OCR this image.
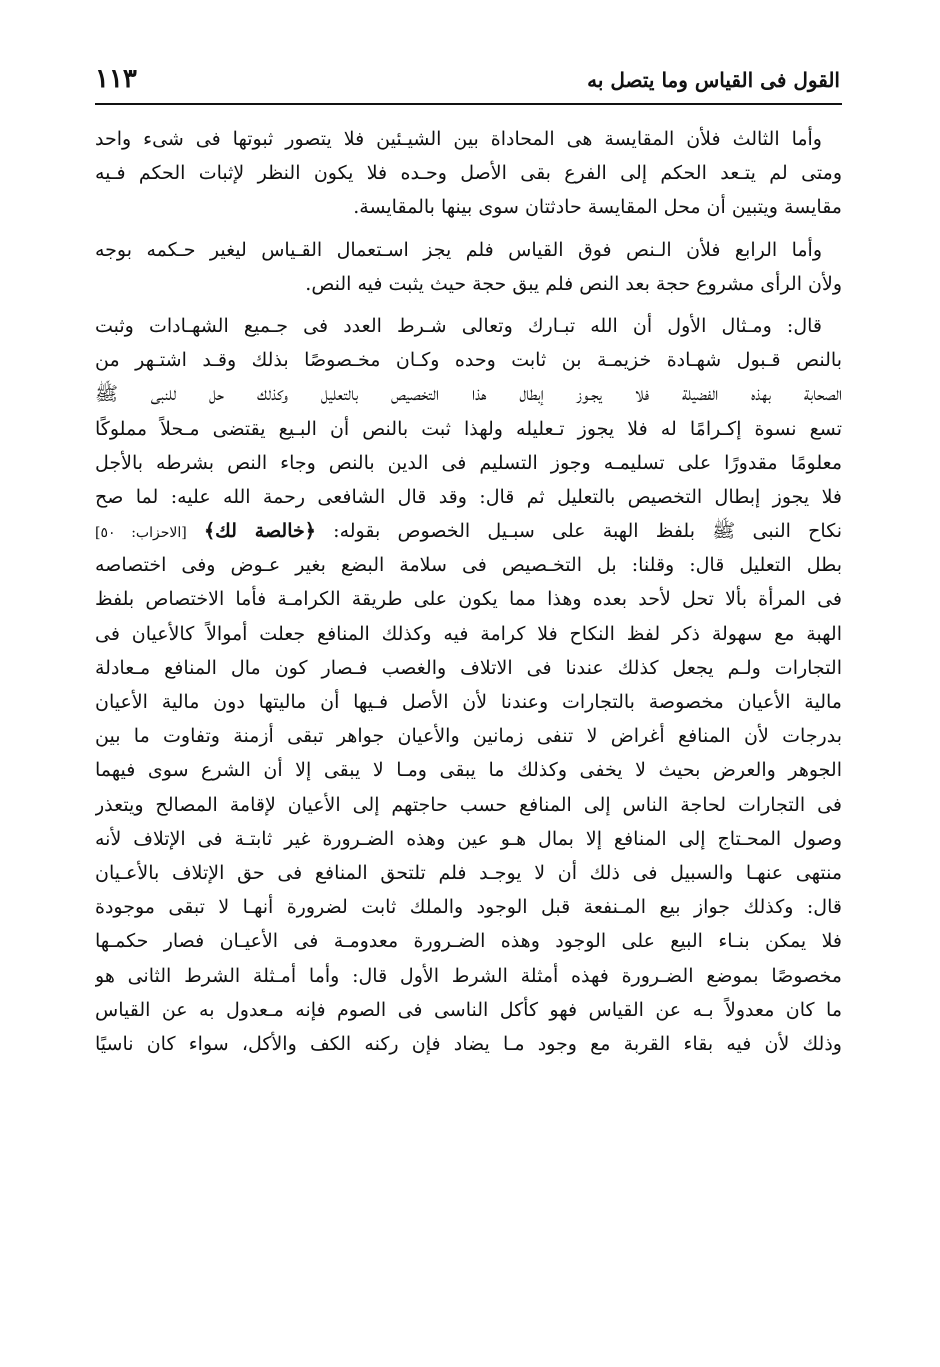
القول فى القياس وما يتصل به
١١٣
وأما الثالث فلأن المقايسة هى المحاداة بين الشيـئين فلا يتصور ثبوتها فى شىء واحد
ومتى لم يتـعد الحكم إلى الفرع بقى الأصل وحـده فلا يكون النظر لإثبات الحكم فـيه
مقايسة ويتبين أن محل المقايسة حادثتان سوى بينها بالمقايسة.
وأما الرابع فلأن الـنص فوق القياس فلم يجز اسـتعمال القـياس ليغير حـكمه بوجه
ولأن الرأى مشروع حجة بعد النص فلم يبق حجة حيث يثبت فيه النص.
قال: ومـثال الأول أن الله تبـارك وتعالى شـرط العدد فى جـميع الشهـادات وثبت
بالنص قـبول شهـادة خزيمـة بن ثابت وحده وكـان مخـصوصًا بذلك وقـد اشتـهر من
الصحابة بهذه الفضيلة فلا يجـوز إبطال هذا التخصيص بالتعليل وكذلك حل للنبى ﷺ
تسع نسوة إكـرامًا له فلا يجوز تـعليله ولهذا ثبت بالنص أن البـيع يقتضى مـحلاً مملوكًا
معلومًا مقدورًا على تسليمـه وجوز التسليم فى الدين بالنص وجاء النص بشرطه بالأجل
فلا يجوز إبطال التخصيص بالتعليل ثم قال: وقد قال الشافعى رحمة الله عليه: لما صح
نكاح النبى ﷺ بلفظ الهبة على سبـيل الخصوص بقوله: ﴿خالصة لك﴾ [الاحزاب: ٥٠]
بطل التعليل قال: وقلنا: بل التخـصيص فى سلامة البضع بغير عـوض وفى اختصاصه
فى المرأة بألا تحل لأحد بعده وهذا مما يكون على طريقة الكرامـة فأما الاختصاص بلفظ
الهبة مع سهولة ذكر لفظ النكاح فلا كرامة فيه وكذلك المنافع جعلت أموالاً كالأعيان فى
التجارات ولـم يجعل كذلك عندنا فى الاتلاف والغصب فـصار كون مال المنافع مـعادلة
مالية الأعيان مخصوصة بالتجارات وعندنا لأن الأصل فـيها أن ماليتها دون مالية الأعيان
بدرجات لأن المنافع أغراض لا تنفى زمانين والأعيان جواهر تبقى أزمنة وتفاوت ما بين
الجوهر والعرض بحيث لا يخفى وكذلك ما يبقى ومـا لا يبقى إلا أن الشرع سوى فيهما
فى التجارات لحاجة الناس إلى المنافع حسب حاجتهم إلى الأعيان لإقامة المصالح ويتعذر
وصول المحـتاج إلى المنافع إلا بمال هـو عين وهذه الضـرورة غير ثابتـة فى الإتلاف لأنه
منتهى عنهـا والسبيل فى ذلك أن لا يوجـد فلم تلتحق المنافع فى حق الإتلاف بالأعـيان
قال: وكذلك جواز بيع المـنفعة قبل الوجود والملك ثابت لضرورة أنهـا لا تبقى موجودة
فلا يمكن بنـاء البيع على الوجود وهذه الضـرورة معدومـة فى الأعيـان فصار حكمـها
مخصوصًا بموضع الضـرورة فهذه أمثلة الشرط الأول قال: وأما أمـثلة الشرط الثانى هو
ما كان معدولاً بـه عن القياس فهو كأكل الناسى فى الصوم فإنه مـعدول به عن القياس
وذلك لأن فيه بقاء القربة مع وجود مـا يضاد فإن ركنه الكف والأكل، سواء كان ناسيًا
